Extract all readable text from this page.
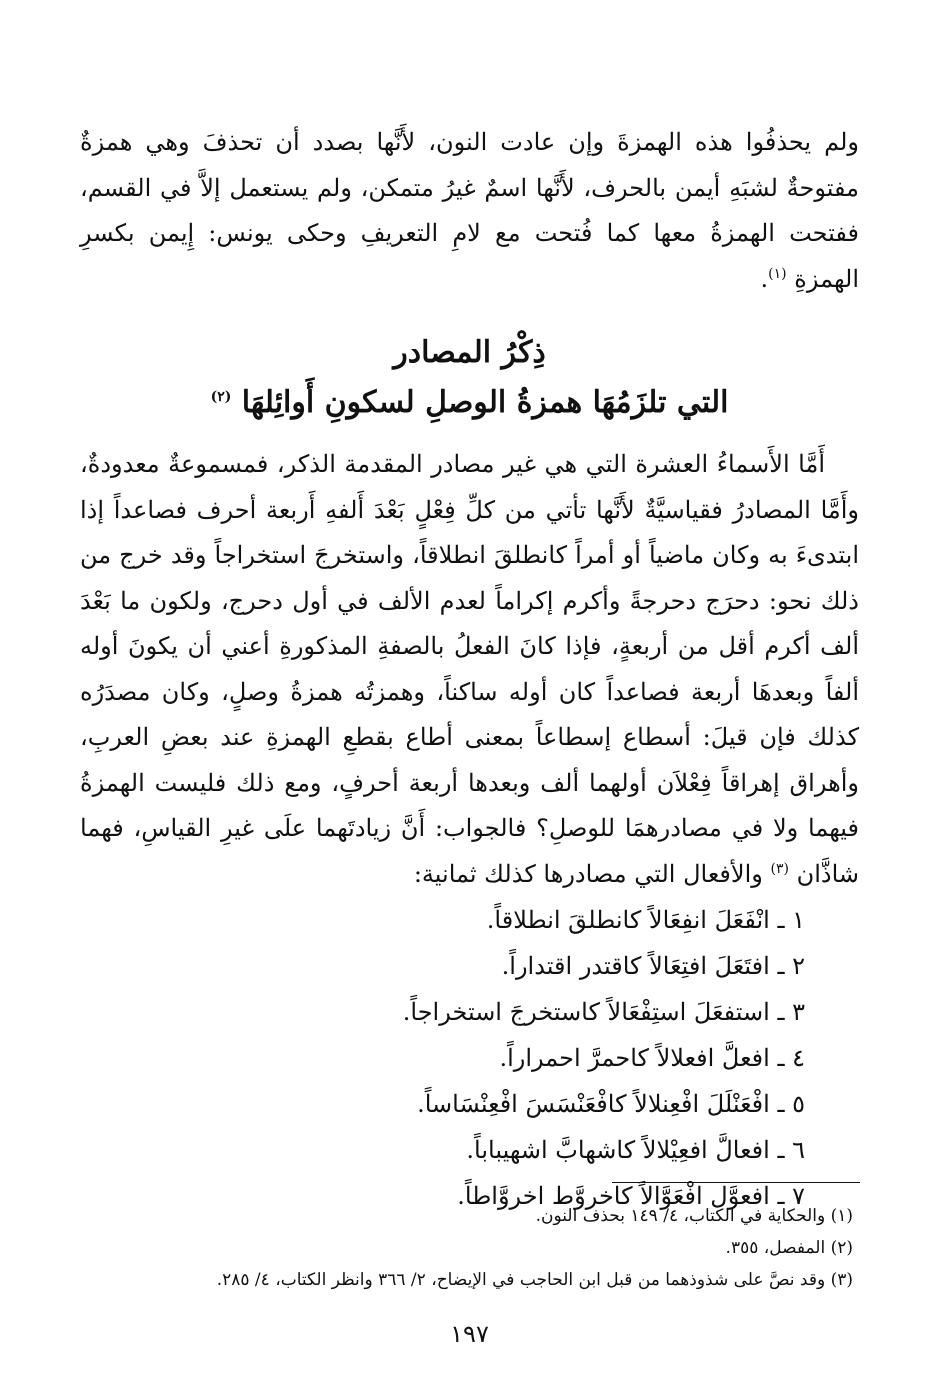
ولم يحذفُوا هذه الهمزةَ وإن عادت النون، لأَنَّها بصدد أن تحذفَ وهي همزةٌ مفتوحةٌ لشبَهِ أيمن بالحرف، لأَنَّها اسمٌ غيرُ متمكن، ولم يستعمل إلاَّ في القسم، ففتحت الهمزةُ معها كما فُتحت مع لامِ التعريفِ وحكى يونس: إِيمن بكسرِ الهمزةِ $^{(١)}$.

ذِكْرُ المصادر
التي تلزَمُهَا همزةُ الوصلِ لسكونِ أَوائِلهَا $^{(٢)}$

أَمَّا الأَسماءُ العشرة التي هي غير مصادر المقدمة الذكر، فمسموعةٌ معدودةٌ، وأَمَّا المصادرُ فقياسيَّةٌ لأَنَّها تأتي من كلِّ فِعْلٍ بَعْدَ أَلفهِ أَربعة أحرف فصاعداً إذا ابتدىءَ به وكان ماضياً أو أمراً كانطلقَ انطلاقاً، واستخرجَ استخراجاً وقد خرج من ذلك نحو: دحرَج دحرجةً وأكرم إكراماً لعدم الألف في أول دحرج، ولكون ما بَعْدَ ألف أكرم أقل من أربعةٍ، فإذا كانَ الفعلُ بالصفةِ المذكورةِ أعني أن يكونَ أوله ألفاً وبعدهَا أربعة فصاعداً كان أوله ساكناً، وهمزتُه همزةُ وصلٍ، وكان مصدَرُه كذلك فإن قيلَ: أسطاع إسطاعاً بمعنى أطاع بقطعِ الهمزةِ عند بعضِ العربِ، وأهراق إهراقاً فِعْلاَن أولهما ألف وبعدها أربعة أحرفٍ، ومع ذلك فليست الهمزةُ فيهما ولا في مصادرهمَا للوصلِ؟ فالجواب: أَنَّ زيادتَهما علَى غيرِ القياسِ، فهما شاذَّان $^{(٣)}$ والأفعال التي مصادرها كذلك ثمانية:

١ ـ انْفَعَلَ انفِعَالاً كانطلقَ انطلاقاً.
٢ ـ افتَعَلَ افتِعَالاً كاقتدر اقتداراً.
٣ ـ استفعَلَ استِفْعَالاً كاستخرجَ استخراجاً.
٤ ـ افعلَّ افعلالاً كاحمرَّ احمراراً.
٥ ـ افْعَنْلَلَ افْعِنلالاً كافْعَنْسَسَ افْعِنْسَاساً.
٦ ـ افعالَّ افعِيْلالاً كاشهابَّ اشهيباباً.
٧ ـ افعوَّل افْعَوَّالاً كاخروَّط اخروَّاطاً.
(١) والحكاية في الكتاب، ٤/ ١٤٩ بحذف النون.
(٢) المفصل، ٣٥٥.
(٣) وقد نصَّ على شذوذهما من قبل ابن الحاجب في الإيضاح، ٢/ ٣٦٦ وانظر الكتاب، ٤/ ٢٨٥.
١٩٧
